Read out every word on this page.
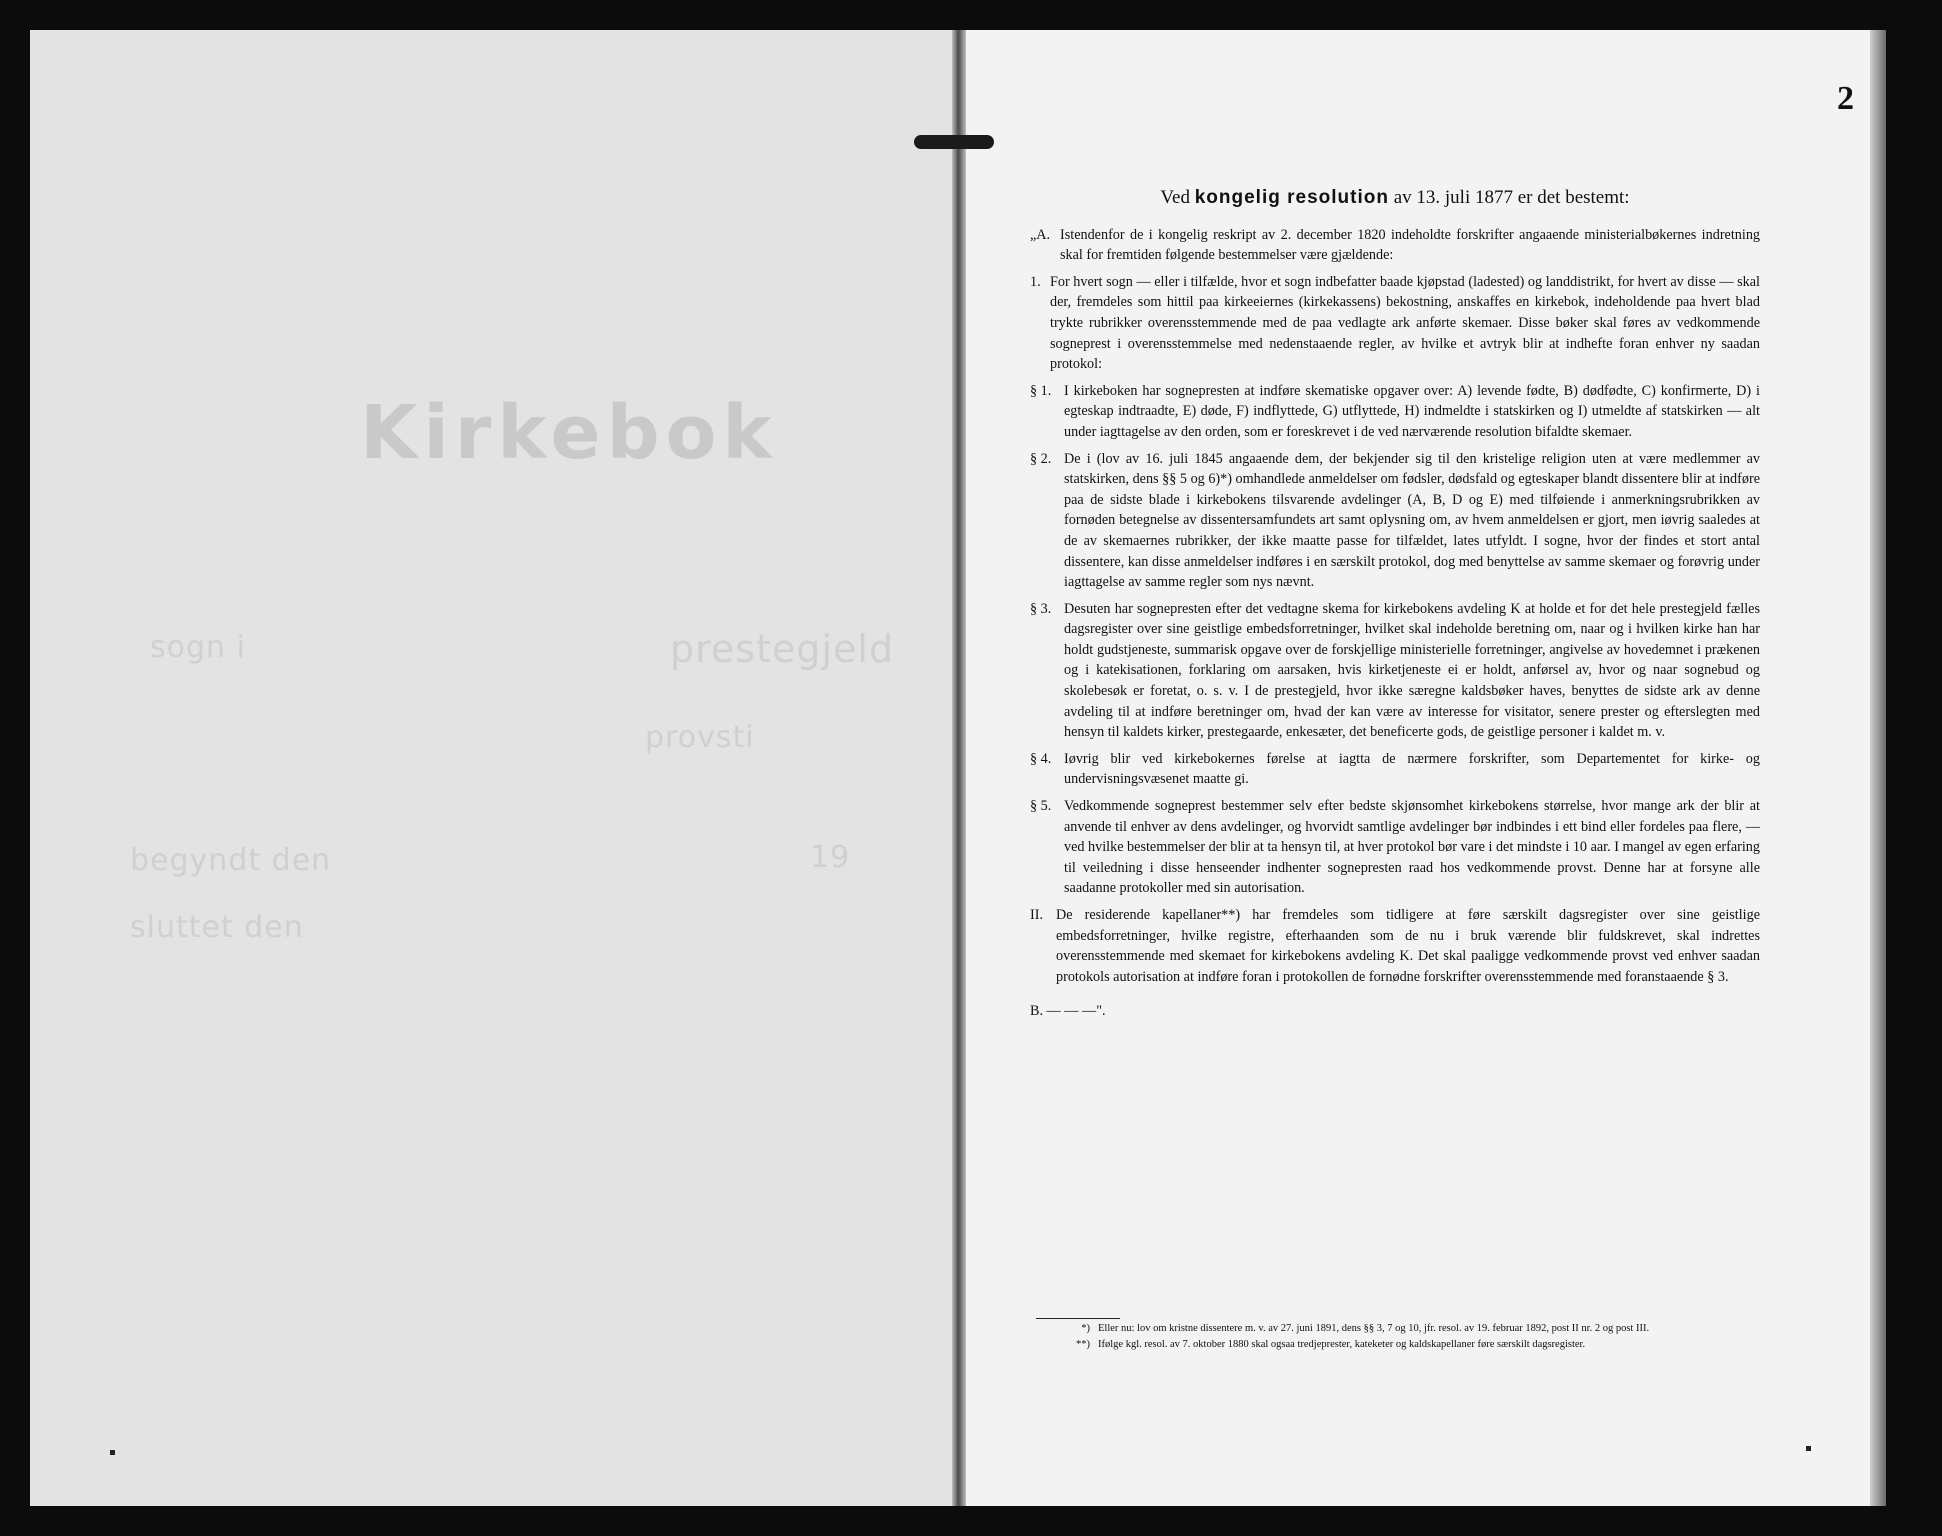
Kirkebok
sogn i	prestegjeld
provsti
begyndt den	19
sluttet den
2
Ved kongelig resolution av 13. juli 1877 er det bestemt:

„A. Istendenfor de i kongelig reskript av 2. december 1820 indeholdte forskrifter angaaende ministerialbøkernes indretning skal for fremtiden følgende bestemmelser være gjældende:

1. For hvert sogn — eller i tilfælde, hvor et sogn indbefatter baade kjøpstad (ladested) og landdistrikt, for hvert av disse — skal der, fremdeles som hittil paa kirkeeiernes (kirkekassens) bekostning, anskaffes en kirkebok, indeholdende paa hvert blad trykte rubrikker overensstemmende med de paa vedlagte ark anførte skemaer. Disse bøker skal føres av vedkommende sogneprest i overensstemmelse med nedenstaaende regler, av hvilke et avtryk blir at indhefte foran enhver ny saadan protokol:

§ 1. I kirkeboken har sognepresten at indføre skematiske opgaver over: A) levende fødte, B) dødfødte, C) konfirmerte, D) i egteskap indtraadte, E) døde, F) indflyttede, G) utflyttede, H) indmeldte i statskirken og I) utmeldte af statskirken — alt under iagttagelse av den orden, som er foreskrevet i de ved nærværende resolution bifaldte skemaer.

§ 2. De i (lov av 16. juli 1845 angaaende dem, der bekjender sig til den kristelige religion uten at være medlemmer av statskirken, dens §§ 5 og 6)*) omhandlede anmeldelser om fødsler, dødsfald og egteskaper blandt dissentere blir at indføre paa de sidste blade i kirkebokens tilsvarende avdelinger (A, B, D og E) med tilføiende i anmerkningsrubrikken av fornøden betegnelse av dissentersamfundets art samt oplysning om, av hvem anmeldelsen er gjort, men iøvrig saaledes at de av skemaernes rubrikker, der ikke maatte passe for tilfældet, lates utfyldt. I sogne, hvor der findes et stort antal dissentere, kan disse anmeldelser indføres i en særskilt protokol, dog med benyttelse av samme skemaer og forøvrig under iagttagelse av samme regler som nys nævnt.

§ 3. Desuten har sognepresten efter det vedtagne skema for kirkebokens avdeling K at holde et for det hele prestegjeld fælles dagsregister over sine geistlige embedsforretninger, hvilket skal indeholde beretning om, naar og i hvilken kirke han har holdt gudstjeneste, summarisk opgave over de forskjellige ministerielle forretninger, angivelse av hovedemnet i prækenen og i katekisationen, forklaring om aarsaken, hvis kirketjeneste ei er holdt, anførsel av, hvor og naar sognebud og skolebesøk er foretat, o. s. v. I de prestegjeld, hvor ikke særegne kaldsbøker haves, benyttes de sidste ark av denne avdeling til at indføre beretninger om, hvad der kan være av interesse for visitator, senere prester og efterslegten med hensyn til kaldets kirker, prestegaarde, enkesæter, det beneficerte gods, de geistlige personer i kaldet m. v.

§ 4. Iøvrig blir ved kirkebokernes førelse at iagtta de nærmere forskrifter, som Departementet for kirke- og undervisningsvæsenet maatte gi.

§ 5. Vedkommende sogneprest bestemmer selv efter bedste skjønsomhet kirkebokens størrelse, hvor mange ark der blir at anvende til enhver av dens avdelinger, og hvorvidt samtlige avdelinger bør indbindes i ett bind eller fordeles paa flere, — ved hvilke bestemmelser der blir at ta hensyn til, at hver protokol bør vare i det mindste i 10 aar. I mangel av egen erfaring til veiledning i disse henseender indhenter sognepresten raad hos vedkommende provst. Denne har at forsyne alle saadanne protokoller med sin autorisation.

II. De residerende kapellaner**) har fremdeles som tidligere at føre særskilt dagsregister over sine geistlige embedsforretninger, hvilke registre, efterhaanden som de nu i bruk værende blir fuldskrevet, skal indrettes overensstemmende med skemaet for kirkebokens avdeling K. Det skal paaligge vedkommende provst ved enhver saadan protokols autorisation at indføre foran i protokollen de fornødne forskrifter overensstemmende med foranstaaende § 3.

B. — — —".

*) Eller nu: lov om kristne dissentere m. v. av 27. juni 1891, dens §§ 3, 7 og 10, jfr. resol. av 19. februar 1892, post II nr. 2 og post III.
**) Ifølge kgl. resol. av 7. oktober 1880 skal ogsaa tredjeprester, kateketer og kaldskapellaner føre særskilt dagsregister.
